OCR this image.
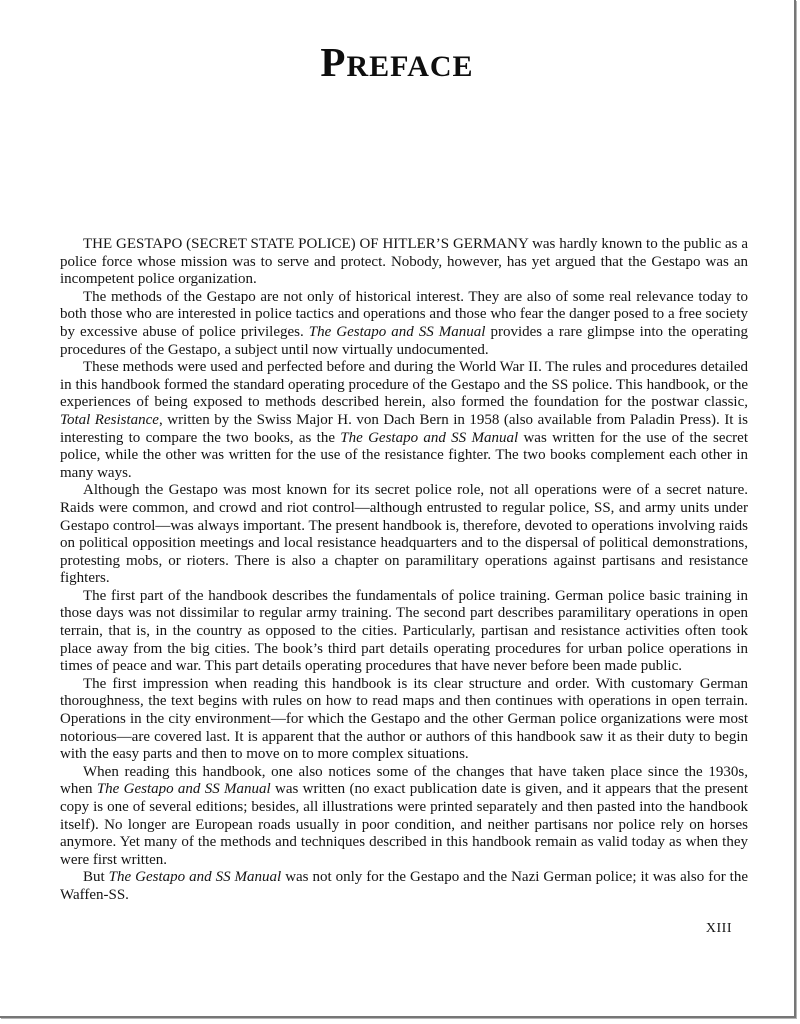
PREFACE

THE GESTAPO (SECRET STATE POLICE) OF HITLER’S GERMANY was hardly known to the public as a police force whose mission was to serve and protect. Nobody, however, has yet argued that the Gestapo was an incompetent police organization.

The methods of the Gestapo are not only of historical interest. They are also of some real relevance today to both those who are interested in police tactics and operations and those who fear the danger posed to a free society by excessive abuse of police privileges. The Gestapo and SS Manual provides a rare glimpse into the operating procedures of the Gestapo, a subject until now virtually undocumented.

These methods were used and perfected before and during the World War II. The rules and procedures detailed in this handbook formed the standard operating procedure of the Gestapo and the SS police. This handbook, or the experiences of being exposed to methods described herein, also formed the foundation for the postwar classic, Total Resistance, written by the Swiss Major H. von Dach Bern in 1958 (also available from Paladin Press). It is interesting to compare the two books, as the The Gestapo and SS Manual was written for the use of the secret police, while the other was written for the use of the resistance fighter. The two books complement each other in many ways.

Although the Gestapo was most known for its secret police role, not all operations were of a secret nature. Raids were common, and crowd and riot control—although entrusted to regular police, SS, and army units under Gestapo control—was always important. The present handbook is, therefore, devoted to operations involving raids on political opposition meetings and local resistance headquarters and to the dispersal of political demonstrations, protesting mobs, or rioters. There is also a chapter on paramilitary operations against partisans and resistance fighters.

The first part of the handbook describes the fundamentals of police training. German police basic training in those days was not dissimilar to regular army training. The second part describes paramilitary operations in open terrain, that is, in the country as opposed to the cities. Particularly, partisan and resistance activities often took place away from the big cities. The book’s third part details operating procedures for urban police operations in times of peace and war. This part details operating procedures that have never before been made public.

The first impression when reading this handbook is its clear structure and order. With customary German thoroughness, the text begins with rules on how to read maps and then continues with operations in open terrain. Operations in the city environment—for which the Gestapo and the other German police organizations were most notorious—are covered last. It is apparent that the author or authors of this handbook saw it as their duty to begin with the easy parts and then to move on to more complex situations.

When reading this handbook, one also notices some of the changes that have taken place since the 1930s, when The Gestapo and SS Manual was written (no exact publication date is given, and it appears that the present copy is one of several editions; besides, all illustrations were printed separately and then pasted into the handbook itself). No longer are European roads usually in poor condition, and neither partisans nor police rely on horses anymore. Yet many of the methods and techniques described in this handbook remain as valid today as when they were first written.

But The Gestapo and SS Manual was not only for the Gestapo and the Nazi German police; it was also for the Waffen-SS.

XIII
